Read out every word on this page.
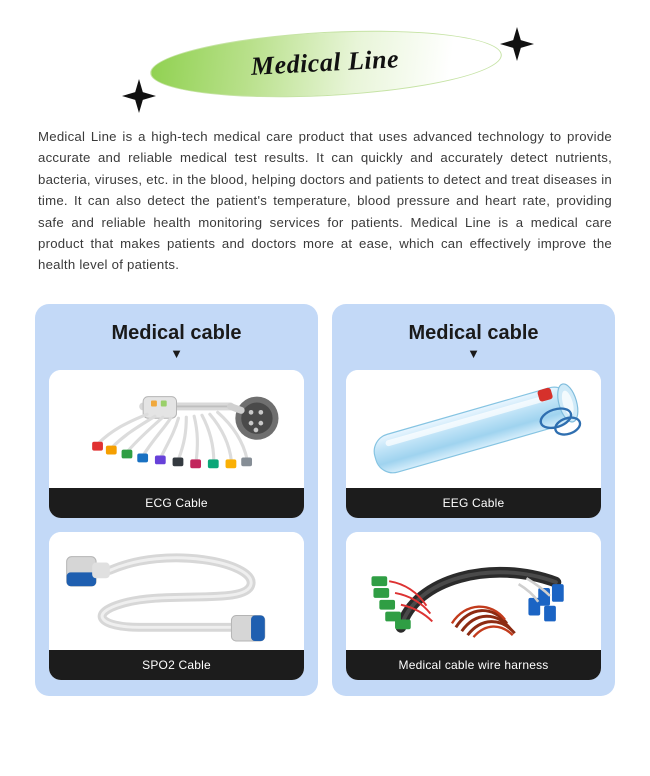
Medical Line

Medical Line is a high-tech medical care product that uses advanced technology to provide accurate and reliable medical test results. It can quickly and accurately detect nutrients, bacteria, viruses, etc. in the blood, helping doctors and patients to detect and treat diseases in time. It can also detect the patient's temperature, blood pressure and heart rate, providing safe and reliable health monitoring services for patients. Medical Line is a medical care product that makes patients and doctors more at ease, which can effectively improve the health level of patients.

Medical cable
▼
ECG Cable
SPO2 Cable
Medical cable
▼
EEG Cable
Medical cable wire harness
